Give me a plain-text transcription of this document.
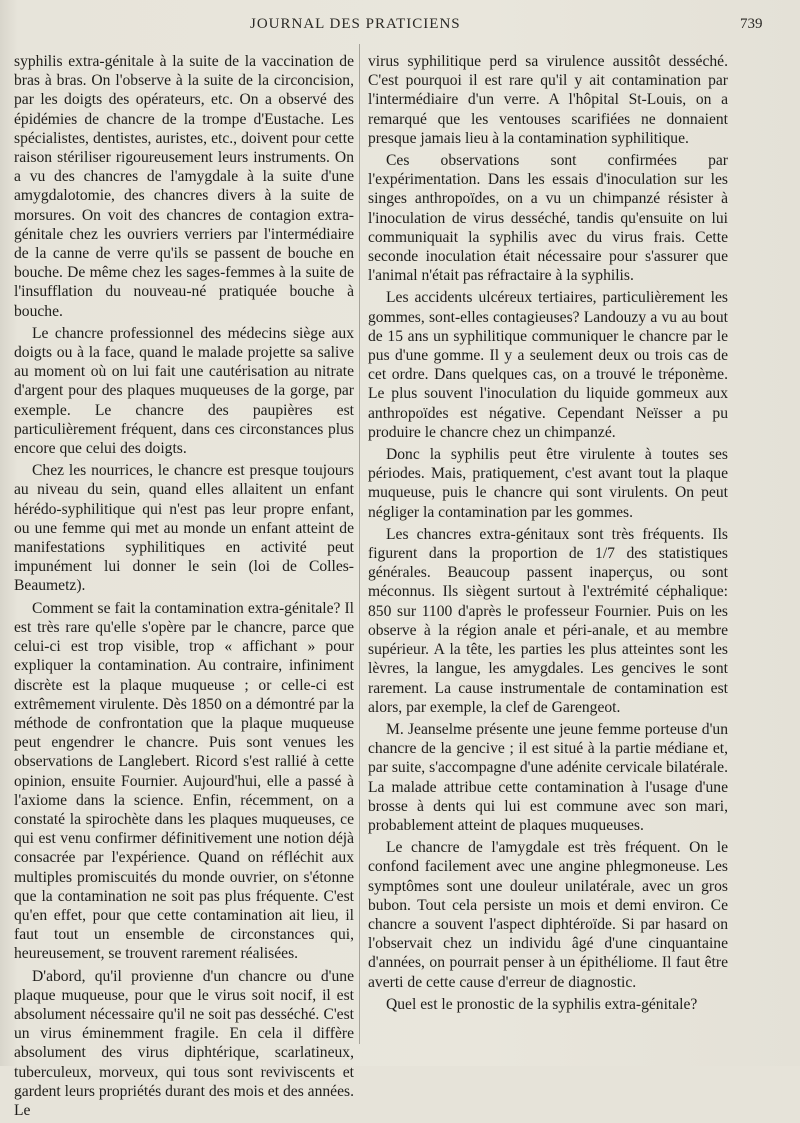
JOURNAL DES PRATICIENS	739

syphilis extra-génitale à la suite de la vaccination de bras à bras. On l'observe à la suite de la circoncision, par les doigts des opérateurs, etc. On a observé des épidémies de chancre de la trompe d'Eustache. Les spécialistes, dentistes, auristes, etc., doivent pour cette raison stériliser rigoureusement leurs instruments. On a vu des chancres de l'amygdale à la suite d'une amygdalotomie, des chancres divers à la suite de morsures. On voit des chancres de contagion extra-génitale chez les ouvriers verriers par l'intermédiaire de la canne de verre qu'ils se passent de bouche en bouche. De même chez les sages-femmes à la suite de l'insufflation du nouveau-né pratiquée bouche à bouche.

Le chancre professionnel des médecins siège aux doigts ou à la face, quand le malade projette sa salive au moment où on lui fait une cautérisation au nitrate d'argent pour des plaques muqueuses de la gorge, par exemple. Le chancre des paupières est particulièrement fréquent, dans ces circonstances plus encore que celui des doigts.

Chez les nourrices, le chancre est presque toujours au niveau du sein, quand elles allaitent un enfant hérédo-syphilitique qui n'est pas leur propre enfant, ou une femme qui met au monde un enfant atteint de manifestations syphilitiques en activité peut impunément lui donner le sein (loi de Colles-Beaumetz).

Comment se fait la contamination extra-génitale? Il est très rare qu'elle s'opère par le chancre, parce que celui-ci est trop visible, trop « affichant » pour expliquer la contamination. Au contraire, infiniment discrète est la plaque muqueuse ; or celle-ci est extrêmement virulente. Dès 1850 on a démontré par la méthode de confrontation que la plaque muqueuse peut engendrer le chancre. Puis sont venues les observations de Langlebert. Ricord s'est rallié à cette opinion, ensuite Fournier. Aujourd'hui, elle a passé à l'axiome dans la science. Enfin, récemment, on a constaté la spirochète dans les plaques muqueuses, ce qui est venu confirmer définitivement une notion déjà consacrée par l'expérience. Quand on réfléchit aux multiples promiscuités du monde ouvrier, on s'étonne que la contamination ne soit pas plus fréquente. C'est qu'en effet, pour que cette contamination ait lieu, il faut tout un ensemble de circonstances qui, heureusement, se trouvent rarement réalisées.

D'abord, qu'il provienne d'un chancre ou d'une plaque muqueuse, pour que le virus soit nocif, il est absolument nécessaire qu'il ne soit pas desséché. C'est un virus éminemment fragile. En cela il diffère absolument des virus diphtérique, scarlatineux, tuberculeux, morveux, qui tous sont reviviscents et gardent leurs propriétés durant des mois et des années. Le

virus syphilitique perd sa virulence aussitôt desséché. C'est pourquoi il est rare qu'il y ait contamination par l'intermédiaire d'un verre. A l'hôpital St-Louis, on a remarqué que les ventouses scarifiées ne donnaient presque jamais lieu à la contamination syphilitique.

Ces observations sont confirmées par l'expérimentation. Dans les essais d'inoculation sur les singes anthropoïdes, on a vu un chimpanzé résister à l'inoculation de virus desséché, tandis qu'ensuite on lui communiquait la syphilis avec du virus frais. Cette seconde inoculation était nécessaire pour s'assurer que l'animal n'était pas réfractaire à la syphilis.

Les accidents ulcéreux tertiaires, particulièrement les gommes, sont-elles contagieuses? Landouzy a vu au bout de 15 ans un syphilitique communiquer le chancre par le pus d'une gomme. Il y a seulement deux ou trois cas de cet ordre. Dans quelques cas, on a trouvé le tréponème. Le plus souvent l'inoculation du liquide gommeux aux anthropoïdes est négative. Cependant Neïsser a pu produire le chancre chez un chimpanzé.

Donc la syphilis peut être virulente à toutes ses périodes. Mais, pratiquement, c'est avant tout la plaque muqueuse, puis le chancre qui sont virulents. On peut négliger la contamination par les gommes.

Les chancres extra-génitaux sont très fréquents. Ils figurent dans la proportion de 1/7 des statistiques générales. Beaucoup passent inaperçus, ou sont méconnus. Ils siègent surtout à l'extrémité céphalique: 850 sur 1100 d'après le professeur Fournier. Puis on les observe à la région anale et péri-anale, et au membre supérieur. A la tête, les parties les plus atteintes sont les lèvres, la langue, les amygdales. Les gencives le sont rarement. La cause instrumentale de contamination est alors, par exemple, la clef de Garengeot.

M. Jeanselme présente une jeune femme porteuse d'un chancre de la gencive ; il est situé à la partie médiane et, par suite, s'accompagne d'une adénite cervicale bilatérale. La malade attribue cette contamination à l'usage d'une brosse à dents qui lui est commune avec son mari, probablement atteint de plaques muqueuses.

Le chancre de l'amygdale est très fréquent. On le confond facilement avec une angine phlegmoneuse. Les symptômes sont une douleur unilatérale, avec un gros bubon. Tout cela persiste un mois et demi environ. Ce chancre a souvent l'aspect diphtéroïde. Si par hasard on l'observait chez un individu âgé d'une cinquantaine d'années, on pourrait penser à un épithéliome. Il faut être averti de cette cause d'erreur de diagnostic.

Quel est le pronostic de la syphilis extra-génitale?
